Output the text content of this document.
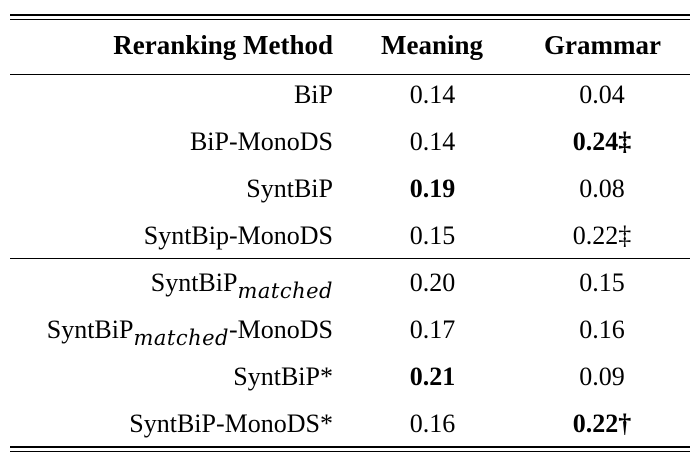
Reranking Method	Meaning	Grammar
BiP	0.14	0.04
BiP-MonoDS	0.14	0.24‡
SyntBiP	0.19	0.08
SyntBip-MonoDS	0.15	0.22‡
SyntBiP$_{matched}$	0.20	0.15
SyntBiP$_{matched}$-MonoDS	0.17	0.16
SyntBiP*	0.21	0.09
SyntBiP-MonoDS*	0.16	0.22†
